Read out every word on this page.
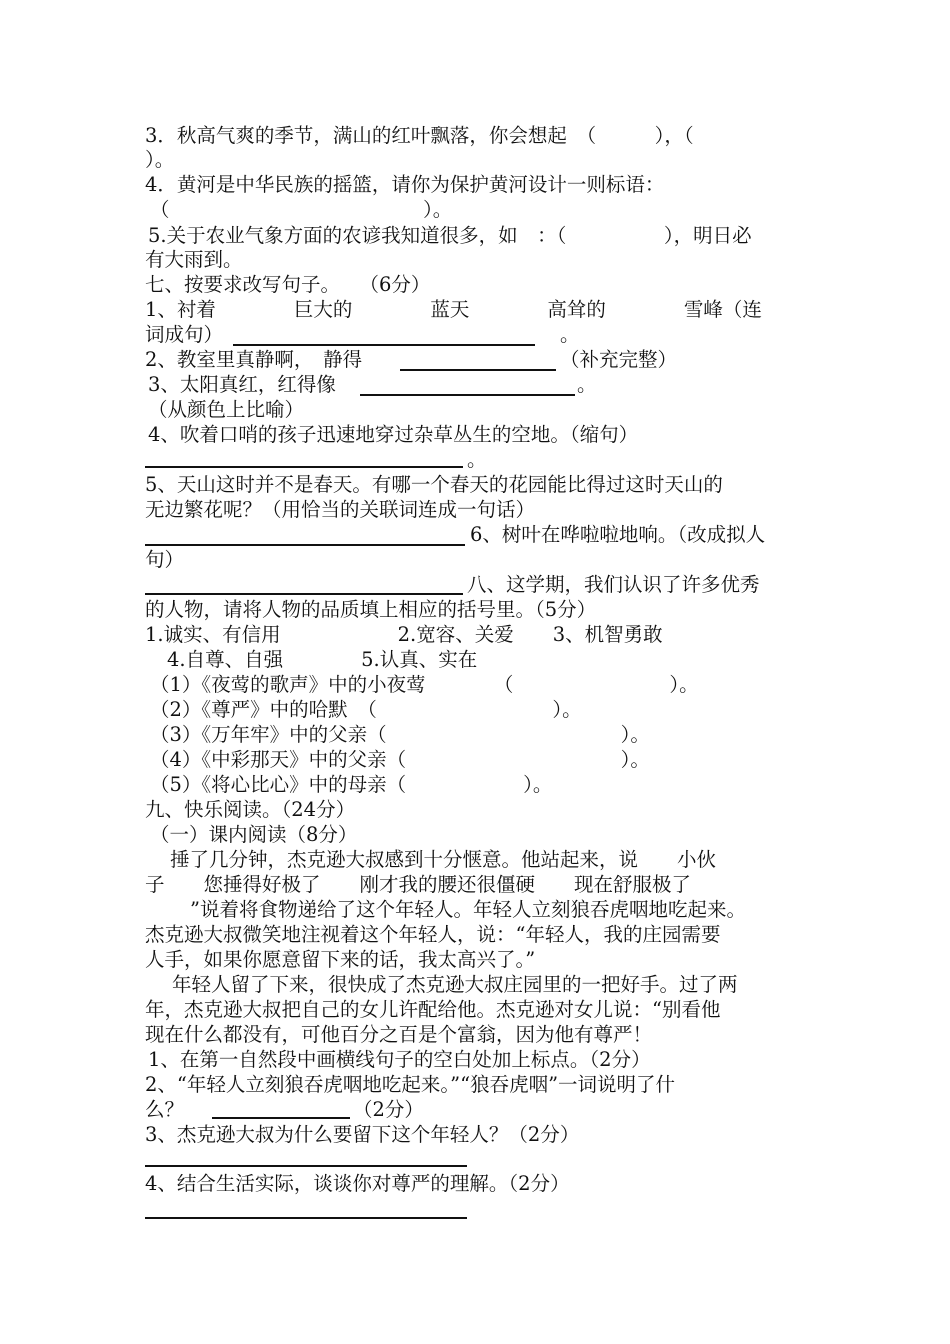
3．秋高气爽的季节，满山的红叶飘落，你会想起　（　　　），（
）。
4．黄河是中华民族的摇篮，请你为保护黄河设计一则标语：
（　　　　　　　　　　　　　）。
5.关于农业气象方面的农谚我知道很多，如　：（　　　　　），明日必
有大雨到。
七、按要求改写句子。　　（6分）
1、衬着　　　　巨大的　　　　蓝天　　　　高耸的　　　　雪峰（连
词成句）	。
2、教室里真静啊，　静得	（补充完整）
3、太阳真红，红得像	。
（从颜色上比喻）
4、吹着口哨的孩子迅速地穿过杂草丛生的空地。（缩句）
。
5、天山这时并不是春天。有哪一个春天的花园能比得过这时天山的
无边繁花呢？（用恰当的关联词连成一句话）
6、树叶在哗啦啦地响。（改成拟人
句）
八、这学期，我们认识了许多优秀
的人物，请将人物的品质填上相应的括号里。（5分）
1.诚实、有信用　　　　　　2.宽容、关爱　　3、机智勇敢
4.自尊、自强　　　　5.认真、实在
（1）《夜莺的歌声》中的小夜莺　　　　（　　　　　　　　）。
（2）《尊严》中的哈默　（　　　　　　　　　）。
（3）《万年牢》中的父亲（　　　　　　　　　　　　）。
（4）《中彩那天》中的父亲（　　　　　　　　　　　）。
（5）《将心比心》中的母亲（　　　　　　）。
九、快乐阅读。（24分）
（一）课内阅读（8分）
捶了几分钟，杰克逊大叔感到十分惬意。他站起来，说　　小伙
子　　您捶得好极了　　刚才我的腰还很僵硬　　现在舒服极了
”说着将食物递给了这个年轻人。年轻人立刻狼吞虎咽地吃起来。
杰克逊大叔微笑地注视着这个年轻人，说：“年轻人，我的庄园需要
人手，如果你愿意留下来的话，我太高兴了。”
年轻人留了下来，很快成了杰克逊大叔庄园里的一把好手。过了两
年，杰克逊大叔把自己的女儿许配给他。杰克逊对女儿说：“别看他
现在什么都没有，可他百分之百是个富翁，因为他有尊严！
1、在第一自然段中画横线句子的空白处加上标点。（2分）
2、“年轻人立刻狼吞虎咽地吃起来。”“狼吞虎咽”一词说明了什
么？	（2分）
3、杰克逊大叔为什么要留下这个年轻人？（2分）
4、结合生活实际，谈谈你对尊严的理解。（2分）
